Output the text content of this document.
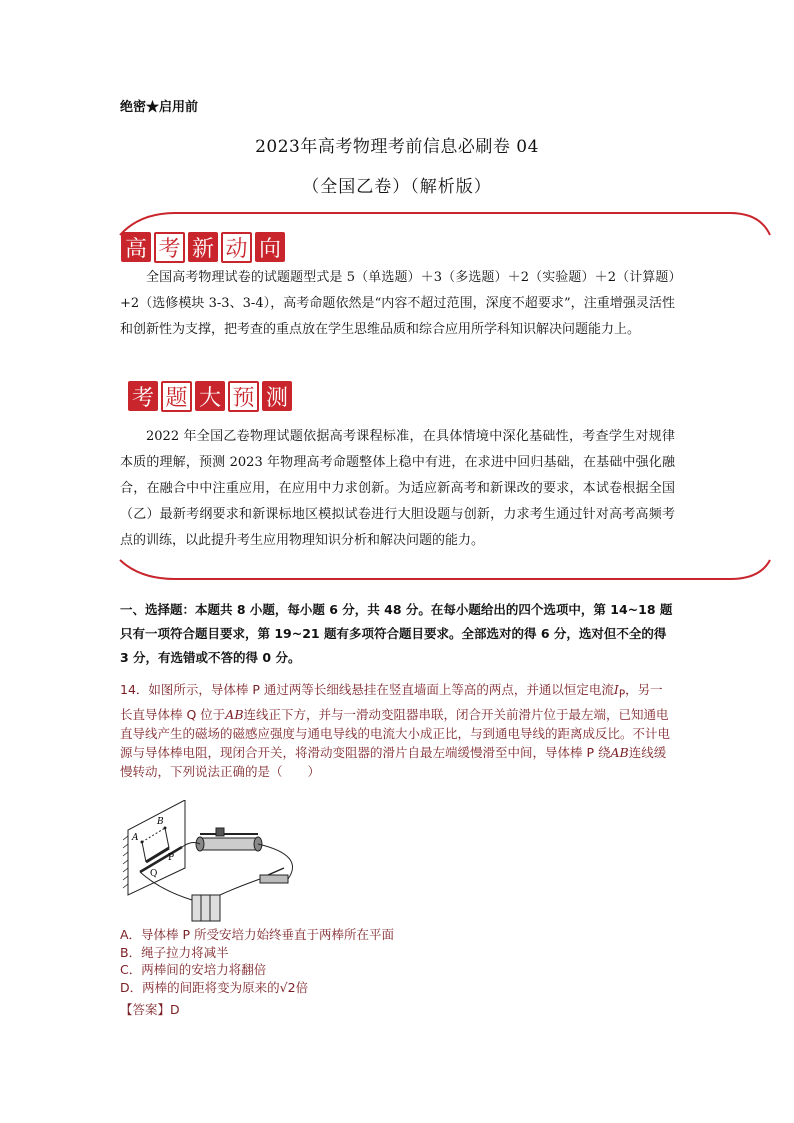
绝密★启用前
2023年高考物理考前信息必刷卷 04
（全国乙卷）（解析版）
高 考 新 动 向
全国高考物理试卷的试题题型式是 5（单选题）＋3（多选题）＋2（实验题）＋2（计算题）+2（选修模块 3-3、3-4），高考命题依然是“内容不超过范围，深度不超要求”，注重增强灵活性和创新性为支撑，把考查的重点放在学生思维品质和综合应用所学科知识解决问题能力上。
考 题 大 预 测
2022 年全国乙卷物理试题依据高考课程标准，在具体情境中深化基础性，考查学生对规律本质的理解，预测 2023 年物理高考命题整体上稳中有进，在求进中回归基础，在基础中强化融合，在融合中中注重应用，在应用中力求创新。为适应新高考和新课改的要求，本试卷根据全国（乙）最新考纲要求和新课标地区模拟试卷进行大胆设题与创新，力求考生通过针对高考高频考点的训练，以此提升考生应用物理知识分析和解决问题的能力。
一、选择题：本题共 8 小题，每小题 6 分，共 48 分。在每小题给出的四个选项中，第 14~18 题只有一项符合题目要求，第 19~21 题有多项符合题目要求。全部选对的得 6 分，选对但不全的得 3 分，有选错或不答的得 0 分。
14．如图所示，导体棒 P 通过两等长细线悬挂在竖直墙面上等高的两点，并通以恒定电流$I_P$，另一长直导体棒 Q 位于AB连线正下方，并与一滑动变阻器串联，闭合开关前滑片位于最左端，已知通电直导线产生的磁场的磁感应强度与通电导线的电流大小成正比，与到通电导线的距离成反比。不计电源与导体棒电阻，现闭合开关，将滑动变阻器的滑片自最左端缓慢滑至中间，导体棒 P 绕AB连线缓慢转动，下列说法正确的是（　　）
A
B
P
Q
A．导体棒 P 所受安培力始终垂直于两棒所在平面
B．绳子拉力将减半
C．两棒间的安培力将翻倍
D．两棒的间距将变为原来的√2倍
【答案】D
